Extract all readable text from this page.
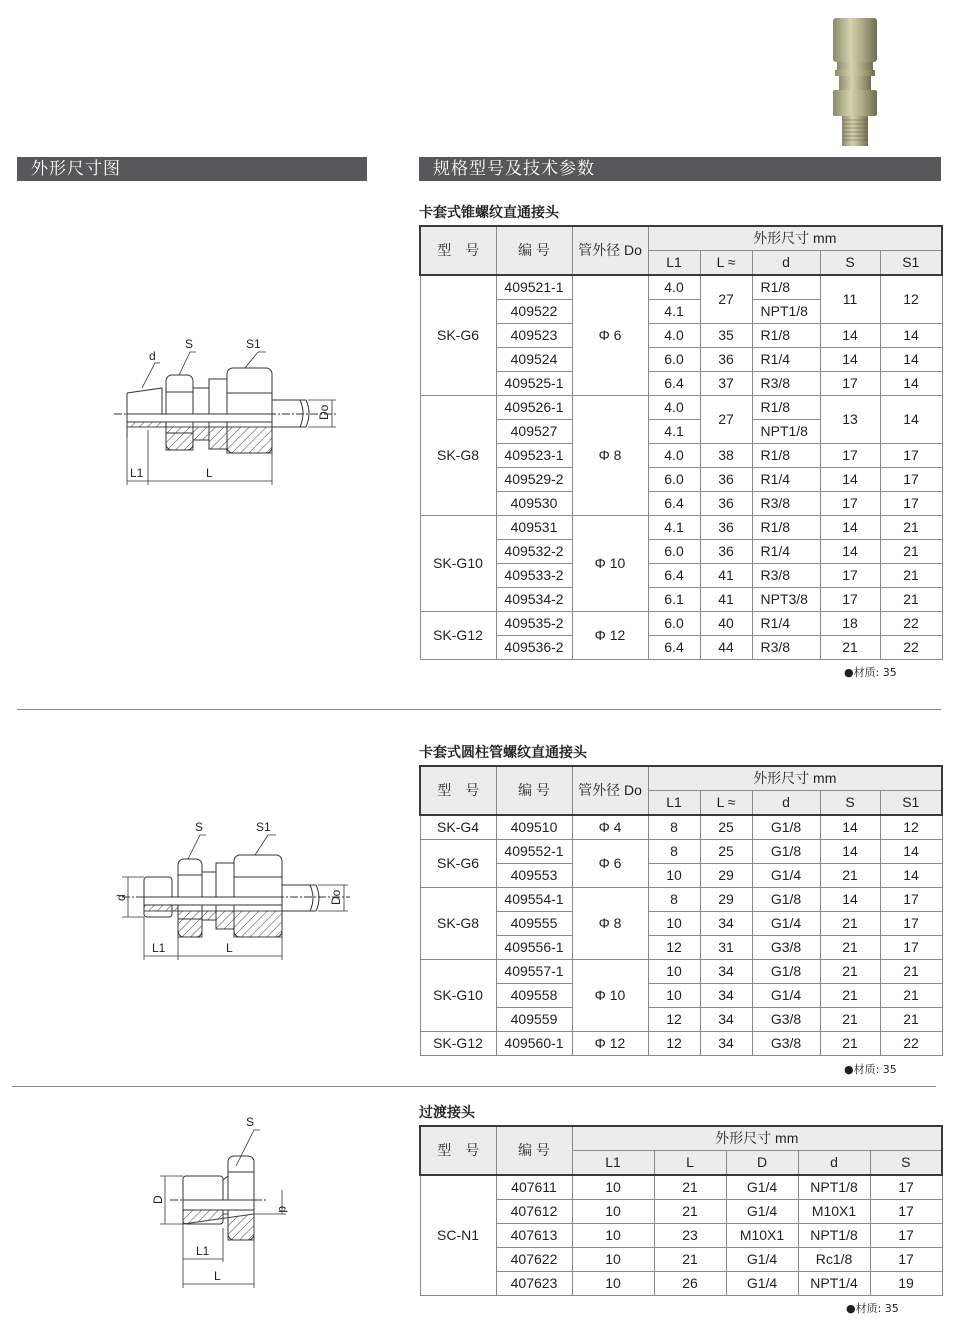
外形尺寸图	规格型号及技术参数
卡套式锥螺纹直通接头
型　号	编 号	管外径 Do	外形尺寸 mm				
			L1	L ≈	d	S	S1
SK-G6	409521-1	Φ 6	4.0	27	R1/8	11	12
	409522		4.1		NPT1/8		
	409523		4.0	35	R1/8	14	14
	409524		6.0	36	R1/4	14	14
	409525-1		6.4	37	R3/8	17	14
SK-G8	409526-1	Φ 8	4.0	27	R1/8	13	14
	409527		4.1		NPT1/8		
	409523-1		4.0	38	R1/8	17	17
	409529-2		6.0	36	R1/4	14	17
	409530		6.4	36	R3/8	17	17
SK-G10	409531	Φ 10	4.1	36	R1/8	14	21
	409532-2		6.0	36	R1/4	14	21
	409533-2		6.4	41	R3/8	17	21
	409534-2		6.1	41	NPT3/8	17	21
SK-G12	409535-2	Φ 12	6.0	40	R1/4	18	22
	409536-2		6.4	44	R3/8	21	22
●材质: 35
d
S	S1
L1	L
Do
卡套式圆柱管螺纹直通接头
型　号	编 号	管外径 Do	外形尺寸 mm				
			L1	L ≈	d	S	S1
SK-G4	409510	Φ 4	8	25	G1/8	14	12
SK-G6	409552-1	Φ 6	8	25	G1/8	14	14
	409553		10	29	G1/4	21	14
SK-G8	409554-1	Φ 8	8	29	G1/8	14	17
	409555		10	34	G1/4	21	17
	409556-1		12	31	G3/8	21	17
SK-G10	409557-1	Φ 10	10	34	G1/8	21	21
	409558		10	34	G1/4	21	21
	409559		12	34	G3/8	21	21
SK-G12	409560-1	Φ 12	12	34	G3/8	21	22
●材质: 35
S	S1
d
L1	L
Do
过渡接头
型　号	编 号	外形尺寸 mm				
		L1	L	D	d	S
SC-N1	407611	10	21	G1/4	NPT1/8	17
	407612	10	21	G1/4	M10X1	17
	407613	10	23	M10X1	NPT1/8	17
	407622	10	21	G1/4	Rc1/8	17
	407623	10	26	G1/4	NPT1/4	19
●材质: 35
S
D
d
L1
L
